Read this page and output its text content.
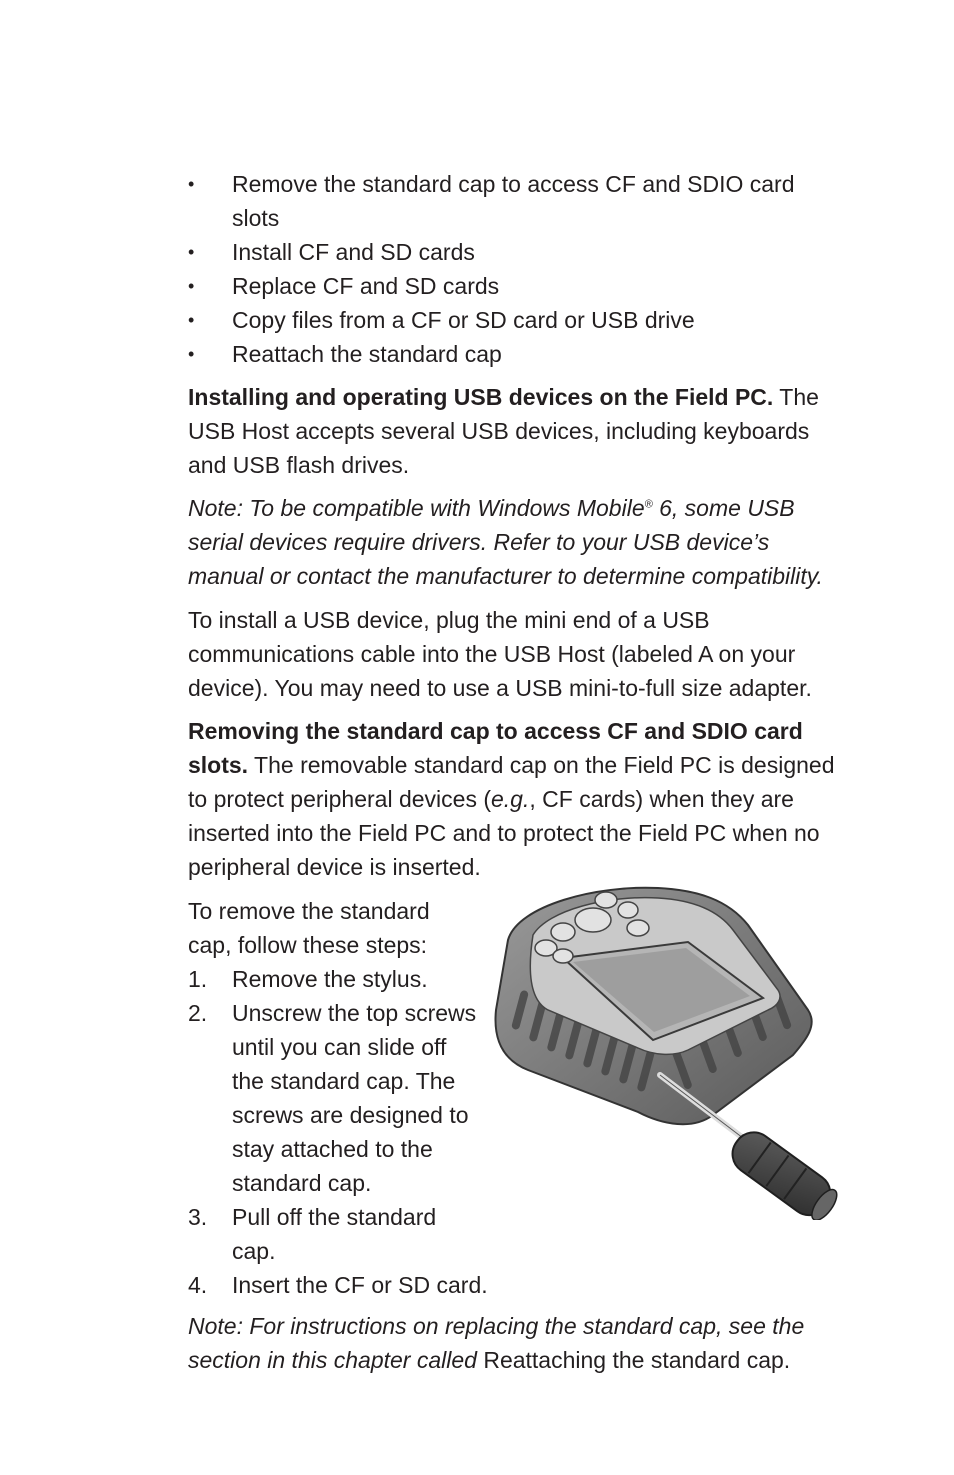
• Remove the standard cap to access CF and SDIO card slots
• Install CF and SD cards
• Replace CF and SD cards
• Copy files from a CF or SD card or USB drive
• Reattach the standard cap

Installing and operating USB devices on the Field PC. The USB Host accepts several USB devices, including keyboards and USB flash drives.

Note: To be compatible with Windows Mobile® 6, some USB serial devices require drivers. Refer to your USB device’s manual or contact the manufacturer to determine compatibility.

To install a USB device, plug the mini end of a USB communications cable into the USB Host (labeled A on your device). You may need to use a USB mini-to-full size adapter.

Removing the standard cap to access CF and SDIO card slots. The removable standard cap on the Field PC is designed to protect peripheral devices (e.g., CF cards) when they are inserted into the Field PC and to protect the Field PC when no peripheral device is inserted.

To remove the standard cap, follow these steps:

1. Remove the stylus.
2. Unscrew the top screws until you can slide off the standard cap. The screws are designed to stay attached to the standard cap.
3. Pull off the standard cap.
4. Insert the CF or SD card.

Note: For instructions on replacing the standard cap, see the section in this chapter called Reattaching the standard cap.
